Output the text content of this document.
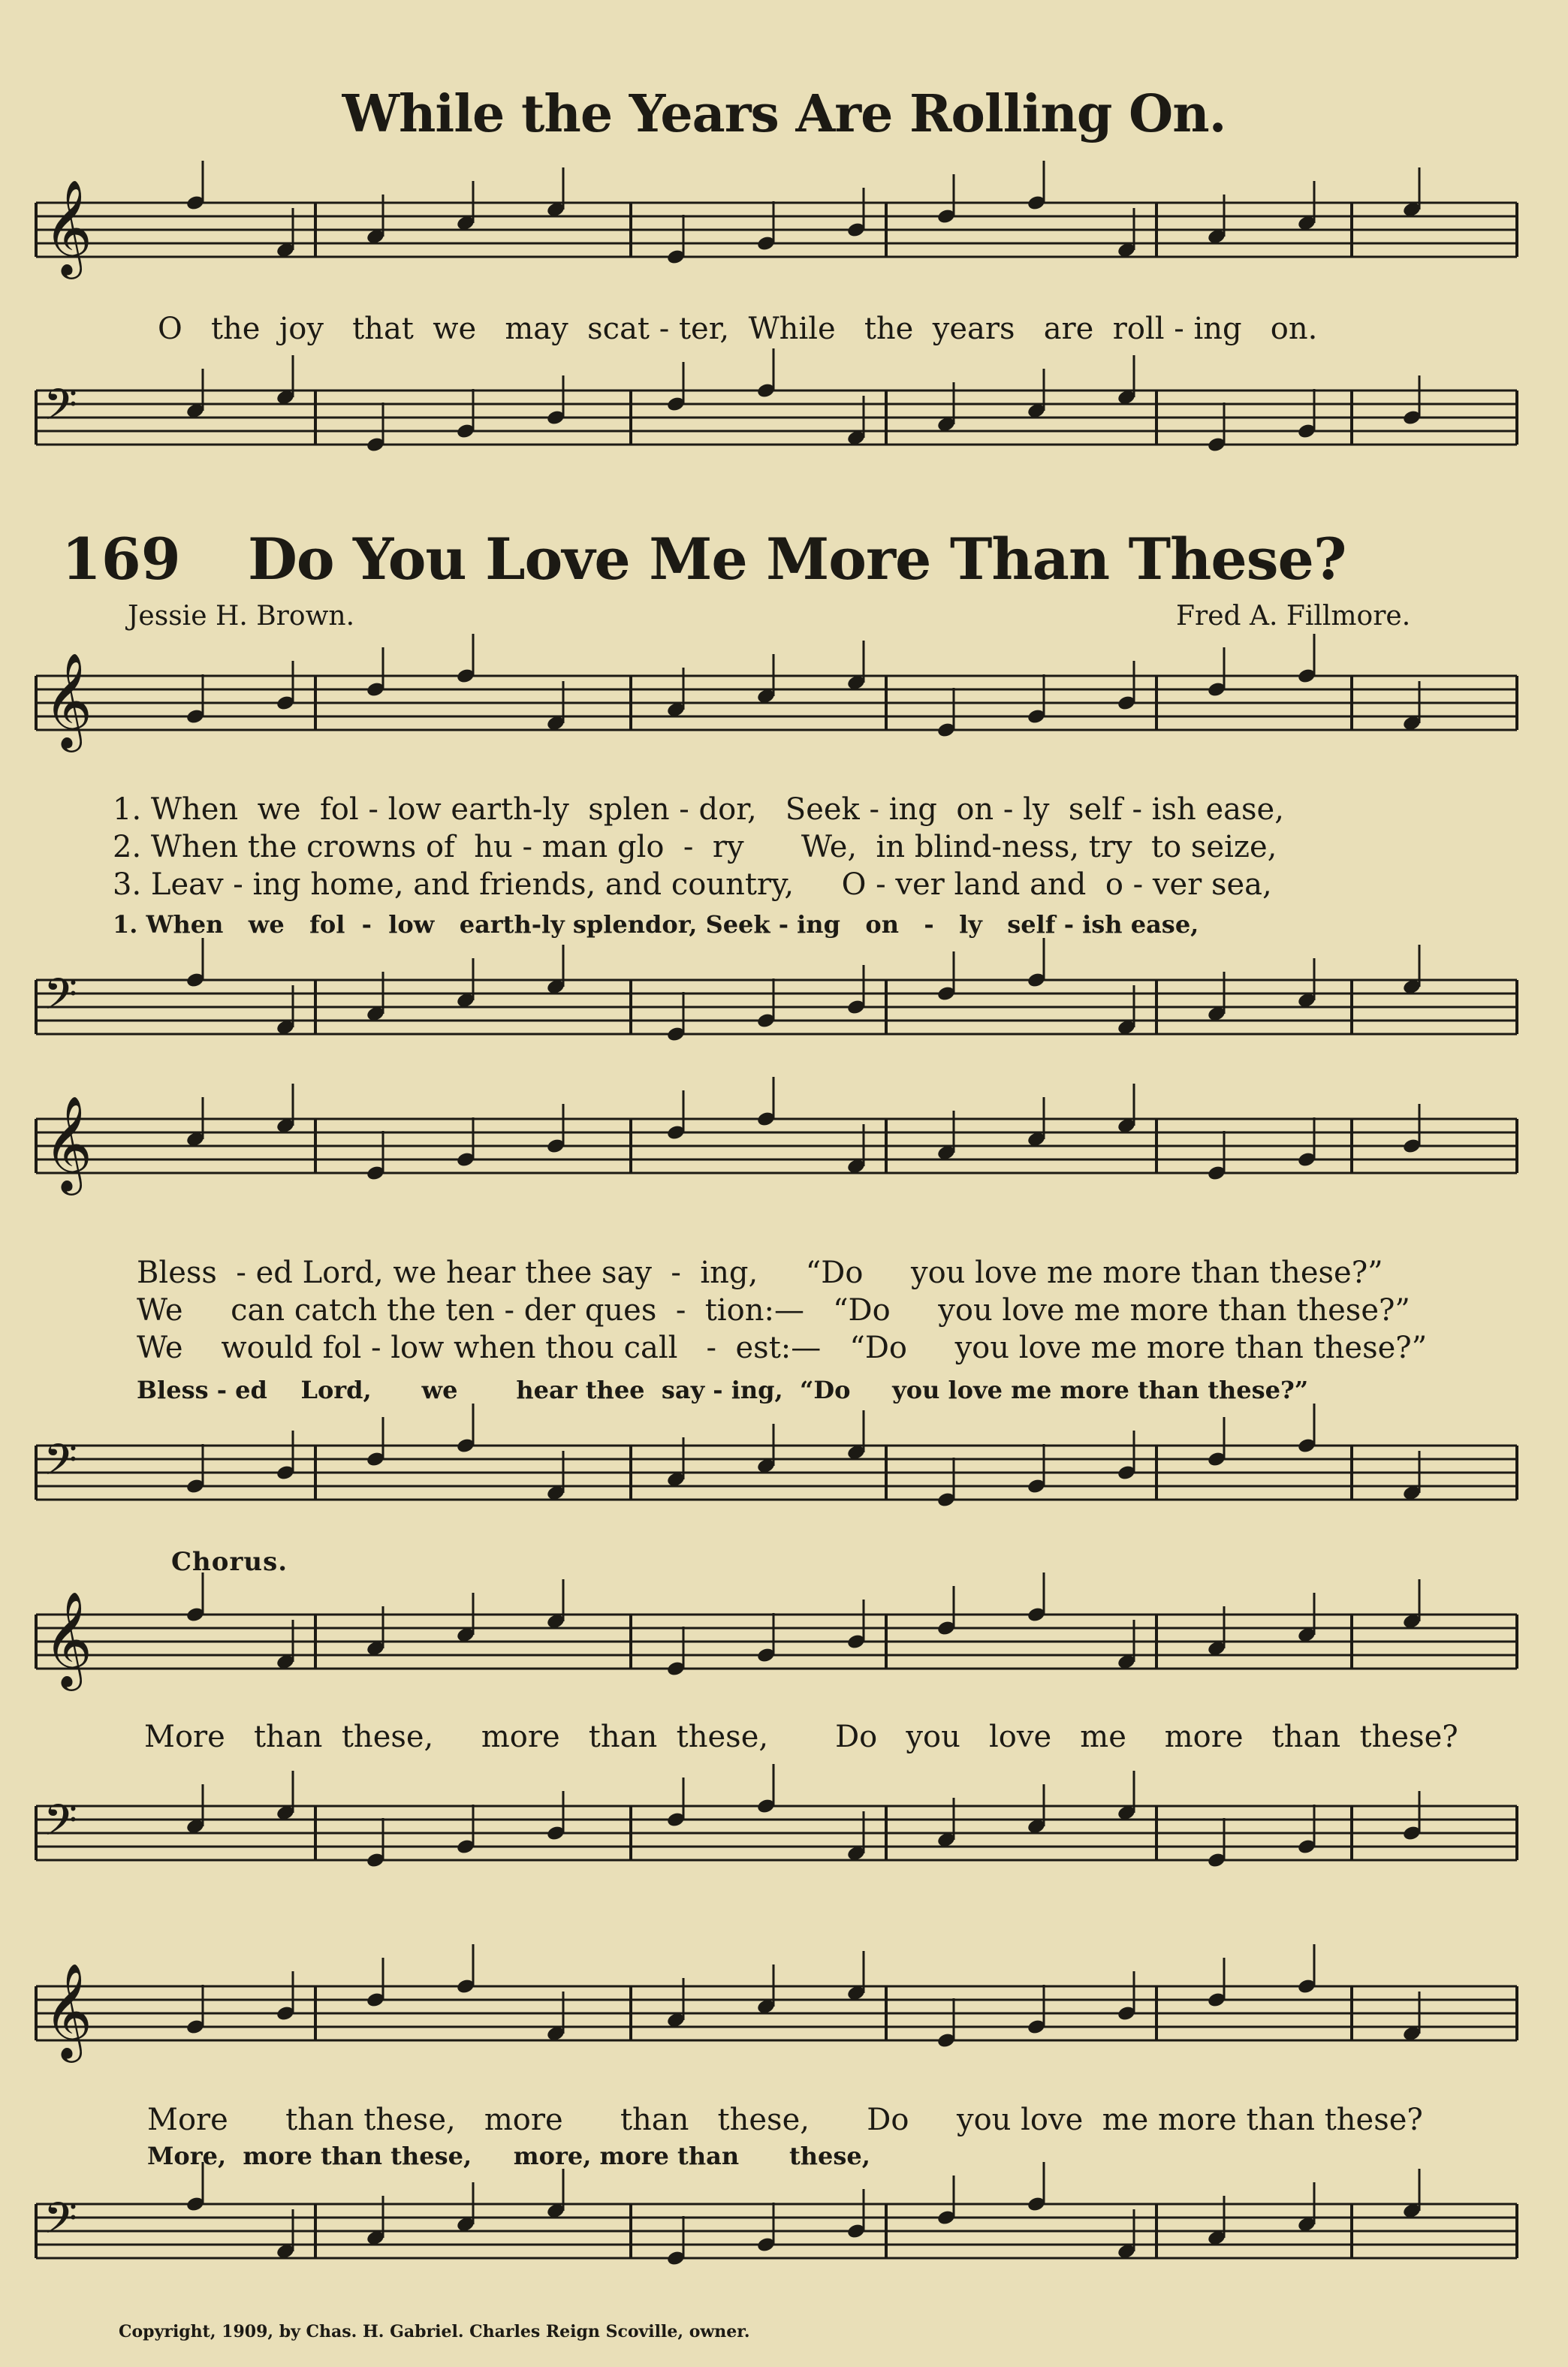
While the Years Are Rolling On.
𝄞
O   the  joy   that  we   may  scat - ter,  While   the  years   are  roll - ing   on.
𝄢
169 Do You Love Me More Than These?
Jessie H. Brown.	Fred A. Fillmore.
𝄞
1. When  we  fol - low earth-ly  splen - dor,   Seek - ing  on - ly  self - ish ease,
2. When the crowns of  hu - man glo  -  ry      We,  in blind-ness, try  to seize,
3. Leav - ing home, and friends, and country,     O - ver land and  o - ver sea,
1. When   we   fol  -  low   earth-ly splendor, Seek - ing   on   -   ly   self - ish ease,
𝄢
𝄞
Bless  - ed Lord, we hear thee say  -  ing,     “Do     you love me more than these?”
We     can catch the ten - der ques  -  tion:—   “Do     you love me more than these?”
We    would fol - low when thou call   -  est:—   “Do     you love me more than these?”
Bless - ed    Lord,      we       hear thee  say - ing,  “Do     you love me more than these?”
𝄢
Chorus.
𝄞
More   than  these,     more   than  these,       Do   you   love   me    more   than  these?
𝄢
𝄞
More      than these,   more      than   these,      Do     you love  me more than these?
More,  more than these,     more, more than      these,
𝄢
Copyright, 1909, by Chas. H. Gabriel. Charles Reign Scoville, owner.
